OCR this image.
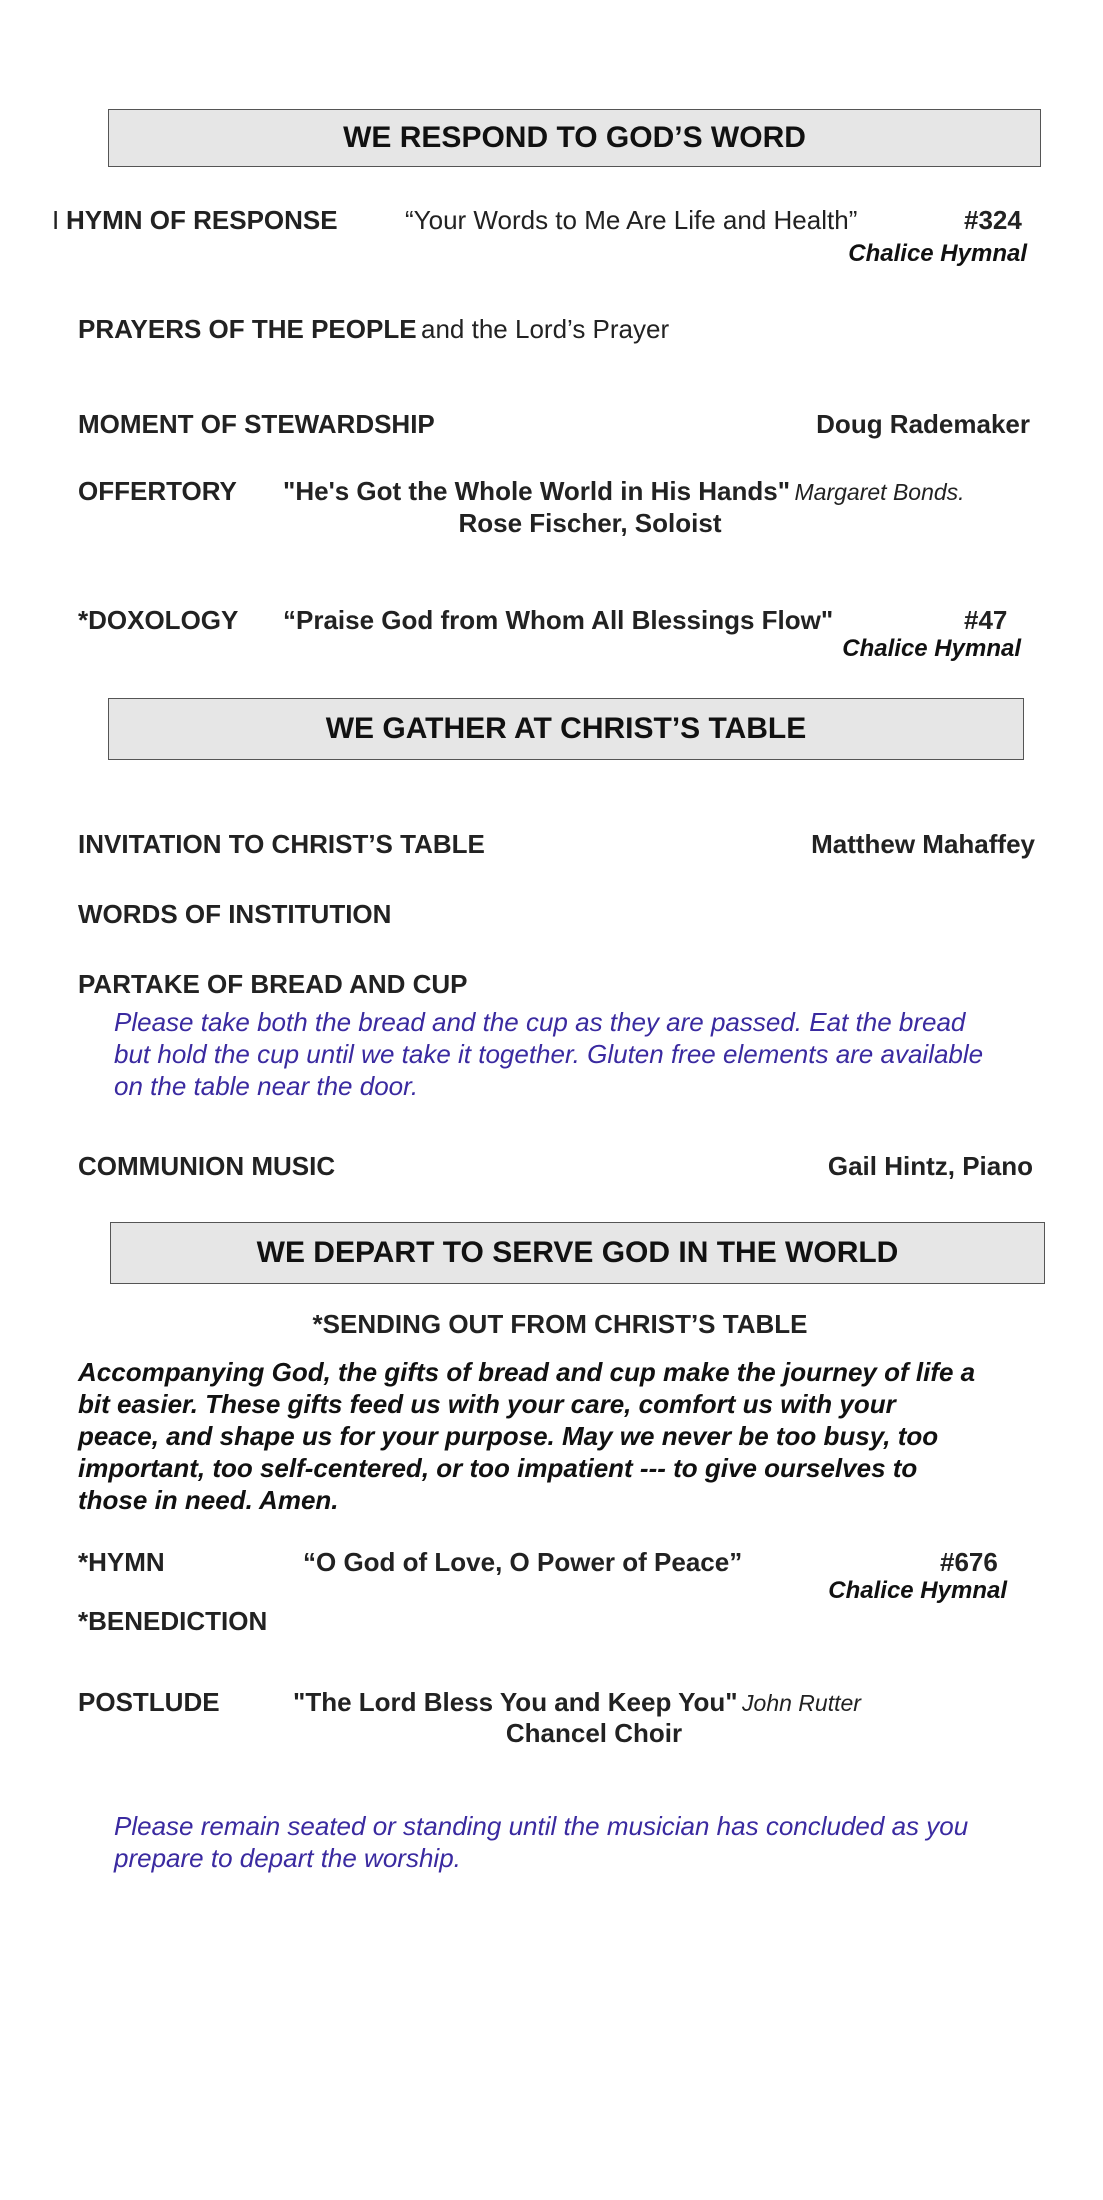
WE RESPOND TO GOD’S WORD
I HYMN OF RESPONSE	“Your Words to Me Are Life and Health”	#324
Chalice Hymnal
PRAYERS OF THE PEOPLE and the Lord’s Prayer
MOMENT OF STEWARDSHIP	Doug Rademaker
OFFERTORY "He's Got the Whole World in His Hands" Margaret Bonds.
Rose Fischer, Soloist
*DOXOLOGY “Praise God from Whom All Blessings Flow"	#47
Chalice Hymnal
WE GATHER AT CHRIST’S TABLE
INVITATION TO CHRIST’S TABLE	Matthew Mahaffey
WORDS OF INSTITUTION
PARTAKE OF BREAD AND CUP
Please take both the bread and the cup as they are passed. Eat the bread
but hold the cup until we take it together. Gluten free elements are available
on the table near the door.
COMMUNION MUSIC	Gail Hintz, Piano
WE DEPART TO SERVE GOD IN THE WORLD
*SENDING OUT FROM CHRIST’S TABLE
Accompanying God, the gifts of bread and cup make the journey of life a
bit easier. These gifts feed us with your care, comfort us with your
peace, and shape us for your purpose. May we never be too busy, too
important, too self-centered, or too impatient --- to give ourselves to
those in need. Amen.
*HYMN	“O God of Love, O Power of Peace”	#676
Chalice Hymnal
*BENEDICTION
POSTLUDE	"The Lord Bless You and Keep You" John Rutter
Chancel Choir
Please remain seated or standing until the musician has concluded as you
prepare to depart the worship.
